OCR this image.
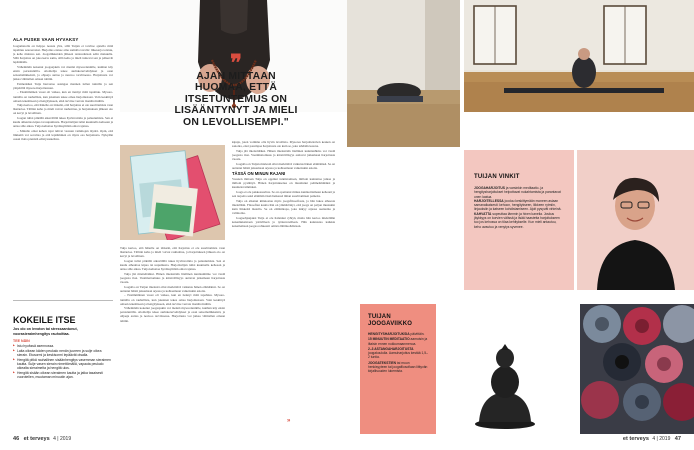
ÄLÄ PUSKE VAAN HYVÄKSY

Joogamatolla on helppo nousta ylös, sillä Tuijan ei tarvitse ajatella mitä tapahtuu seuraavaksi. Harjoitus etenee aina samalla tavalla: liikesarja toistuu, ja keho muistaa sen. Joogaliikkeiden jälkeen rentoudutaan selin makuulla. Sillä harjoitus on joka kerta sama, sillä keho ja mieli tuntevat sen ja pääsevät lepäämään.

Vähemmän kokenut joogaajakin voi mennä mysoretunnille, kunhan käy ensin perustuntilla. Aloittelija tekee aurinkotervehdykset ja osan seisomaliikkeistä, ja ohjaaja auttaa ja neuvoo tarvittaessa. Harjoitusta voi jatkaa vähitellen omaan tahtiin.

Esimerkiksi Tuija harrastaa astangaa mennen tullen tunnilla ja sen ympärillä mysore-harjoitustaan.

– Ensimmäinen vuosi oli vaikea, kun en tiennyt mitä tapahtuu. Mysore-tunnilla on rauhallista, kun jokainen tekee omaa harjoitustaan. Voin keskittyä omaan tekemiseen ja hengitykseen, eikä tarvitse verrata itseään muihin.

Tuija kertoo, että hänelle on tärkeää, että harjoitus ei ole suorittamista vaan läsnäoloa. Tällöin keho ja mieli voivat rauhoittua, ja harjoituksen jälkeen olo on kevyt ja levollinen.

Joogan tulisi pitkällä aikavälillä tukea hyvinvointia ja palautumista. Sen ei kuulu aiheuttaa kipua tai uupumusta. Harjoittelijan tulisi kuunnella kehoaan ja antaa sille aikaa. Tuija kehottaa hyväksymään omat rajansa.

– Minulle omat kehon rajat tulivat vastaan vammojen myötä. Opin, että liikkeitä voi soveltaa ja että lepääminen on myös osa harjoitusta. Nykyään osaan iloita pienistä edistysaskelista.

KOKEILE ITSE
Jos olo on levoton tai stressaantunut, voorasieraimhengitys rauhoittaa.
TEE NÄIN
▶ Istu hyvässä asennossa.
▶ Laita oikean käden peukalo nenän juureen ja sulje oikea sierain. Etusormi ja keskisormi lepäävät otsalla.
▶ Hengitä pitkä rauhallinen sisäänhengitys vasemman sieraimen kautta. Sulje vasen sierain nimettömällä, vapauta peukalo oikealta sieraimelta ja hengitä ulos.
▶ Hengitä sisään oikean sieraimen kautta ja jatka tasaisesti vuorotellen, muutaman minuutin ajan.
❞
AJAN MITTAAN HUOMAA, ETTÄ ITSETUNTEMUS ON LISÄÄNTYNYT JA MIELI ON LEVOLLISEMPI."

kipuja, joten voimme olla hyvin levollisia. Mysorea harjoittelevien kesken on sanonta, ettei parempaa harjoitusta ole kuin se, joka tehdään kotona.

Tuija jää mietteliääksi. Hänen mielestään liiallinen kunnianhimo voi viedä joogasta ilon. Vaatimattomuus ja kärsivällisyys auttavat jatkamaan harjoitusta vuosia.

Joogalla on Tuijan mielestä ollut merkittävä vaikutus hänen elämäänsä. Se on auttanut häntä jaksamaan arjessa ja kohtaamaan vaikeitakin asioita.

TÄSSÄ ON MINUN RAJANI

Vuosien mittaan Tuija on oppinut tunnistamaan, milloin kannattaa jatkaa ja milloin pysähtyä. Hänen harjoituksensa on muuttunut pehmeämmäksi ja kuuntelevammaksi.

Jooga ei ole pakkosuoritus. Se on opettanut minua kunnioittamaan kehoani ja sen tarpeita sekä elämään tässä hetkessä ilman suorittamisen painetta.

Tuija on alkanut kiinnostua myös joogafilosofiasta, ja hän lukee aiheesta mielellään. Filosofian kautta hän on ymmärtänyt, että jooga on paljon muutakin kuin liikkeitä matolla. Se on elämäntapa, joka näkyy arjessa asenteina ja valintoina.

Joogaohjaajaksi Tuija ei ole halunnut ryhtyä, mutta hän kertoo mielellään kokemuksistaan ystävilleen ja työkavereilleen. Hän kannustaa kaikkia kokeilemaan joogaa rohkeasti omista lähtökohdistaan.

Tuija kertoo, että hänelle on tärkeää, että harjoitus ei ole suorittamista vaan läsnäoloa. Tällöin keho ja mieli voivat rauhoittua, ja harjoituksen jälkeen olo on kevyt ja levollinen.

Joogan tulisi pitkällä aikavälillä tukea hyvinvointia ja palautumista. Sen ei kuulu aiheuttaa kipua tai uupumusta. Harjoittelijan tulisi kuunnella kehoaan ja antaa sille aikaa. Tuija kehottaa hyväksymään omat rajansa.

Tuija jää mietteliääksi. Hänen mielestään liiallinen kunnianhimo voi viedä joogasta ilon. Vaatimattomuus ja kärsivällisyys auttavat jatkamaan harjoitusta vuosia.

Joogalla on Tuijan mielestä ollut merkittävä vaikutus hänen elämäänsä. Se on auttanut häntä jaksamaan arjessa ja kohtaamaan vaikeitakin asioita.

– Ensimmäinen vuosi oli vaikea, kun en tiennyt mitä tapahtuu. Mysore-tunnilla on rauhallista, kun jokainen tekee omaa harjoitustaan. Voin keskittyä omaan tekemiseen ja hengitykseen, eikä tarvitse verrata itseään muihin.

Vähemmän kokenut joogaajakin voi mennä mysoretunnille, kunhan käy ensin perustuntilla. Aloittelija tekee aurinkotervehdykset ja osan seisomaliikkeistä, ja ohjaaja auttaa ja neuvoo tarvittaessa. Harjoitusta voi jatkaa vähitellen omaan tahtiin.

»
46 et terveys 4 | 2019
TUIJAN VINKIT
JOOGAHARJOITUS ja varsinkin meditaatio- ja hengitysharjoitukset helpottavat nukahtamista ja parantavat unen laatua.
HARJOITELLESSA jooduu keskittymään moneen asiaan samanaikaisesti: kehoon, hengitykseen, liikkeen rytmiin, linjauksiin ja katseen kohdistamiseen. Ajoit pysyvät virkeinä.
KAHVATTA sopeuttaa lämmin ja hiven kanelia. Joskus jäykkyys on korvien välissä ja lisää haastetta harjoitukseen tuo jos kehossa on tilaa kehitykselle. Kun mieli antautuu, keho avautuu ja venytys syvenee.
TUIJAN
JOOGAVIIKKO
HENGITYSHARJOITUKSIA päivittäin.
15 MINUUTIN MEDITAATIO aamuisin ja iltaisin ennen nukkumaanmenoa.
2–3 ASTANGAHARJOITUSTA joogakoululla. Aamuharjoitus kestää 1,5–2 tuntia.
JOOGATEKSTIEN tai muun henkisyyteen tai joogafilosofiaan liittyvän kirjallisuuden lukemista.
et terveys 4 | 2019 47
